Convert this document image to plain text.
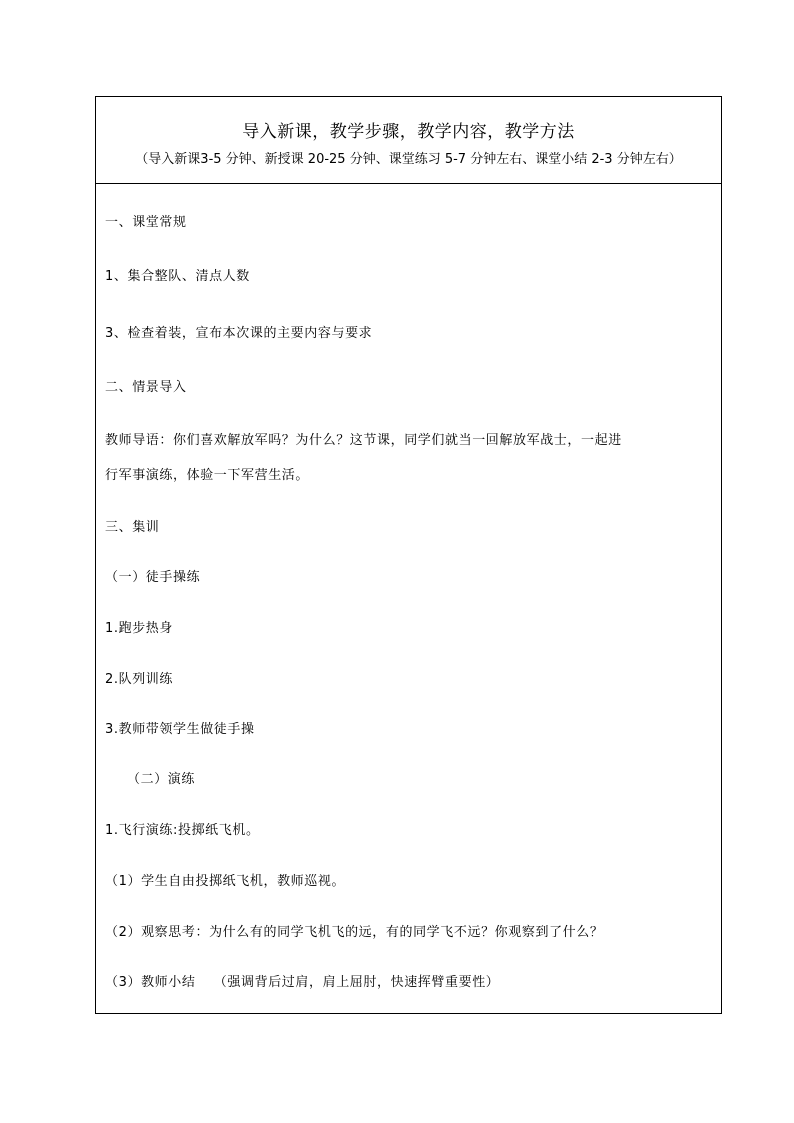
导入新课，教学步骤，教学内容，教学方法
（导入新课3-5 分钟、新授课 20-25 分钟、课堂练习 5-7 分钟左右、课堂小结 2-3 分钟左右）
一、课堂常规
1、集合整队、清点人数
3、检查着装，宣布本次课的主要内容与要求
二、情景导入
教师导语：你们喜欢解放军吗？为什么？这节课，同学们就当一回解放军战士，一起进
行军事演练，体验一下军营生活。
三、集训
（一）徒手操练
1.跑步热身
2.队列训练
3.教师带领学生做徒手操
（二）演练
1.飞行演练:投掷纸飞机。
（1）学生自由投掷纸飞机，教师巡视。
（2）观察思考：为什么有的同学飞机飞的远，有的同学飞不远？你观察到了什么？
（3）教师小结　 （强调背后过肩，肩上屈肘，快速挥臂重要性）
